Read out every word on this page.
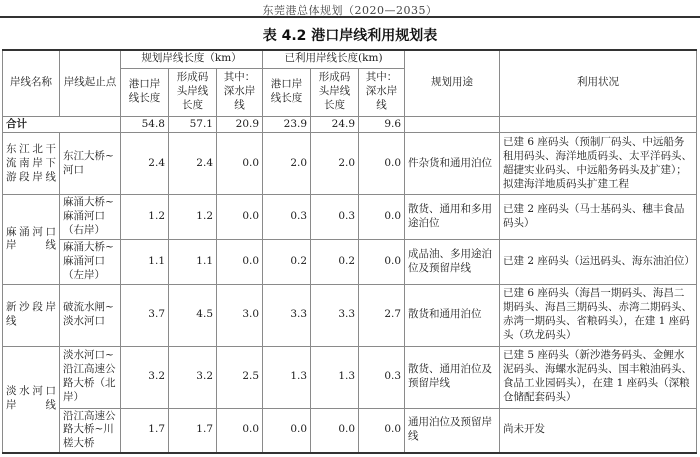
东莞港总体规划（2020—2035）
表 4.2 港口岸线利用规划表
岸线名称	岸线起止点	规划岸线长度（km）			已利用岸线长度(km)			规划用途	利用状况
		港口岸线长度	形成码头岸线长度	其中：深水岸线	港口岸线长度	形成码头岸线长度	其中：深水岸线		
合计		54.8	57.1	20.9	23.9	24.9	9.6		
东江北干流南岸下游段岸线	东江大桥~河口	2.4	2.4	0.0	2.0	2.0	0.0	件杂货和通用泊位	已建 6 座码头（预制厂码头、中远船务租用码头、海洋地质码头、太平洋码头、超捷实业码头、中远船务码头及扩建）；拟建海洋地质码头扩建工程
麻涌河口岸线	麻涌大桥~麻涌河口（右岸）	1.2	1.2	0.0	0.3	0.3	0.0	散货、通用和多用途泊位	已建 2 座码头（马士基码头、穗丰食品码头）
	麻涌大桥~麻涌河口（左岸）	1.1	1.1	0.0	0.2	0.2	0.0	成品油、多用途泊位及预留岸线	已建 2 座码头（运迅码头、海东油泊位）
新沙段岸线	破流水闸~淡水河口	3.7	4.5	3.0	3.3	3.3	2.7	散货和通用泊位	已建 6 座码头（海昌一期码头、海昌二期码头、海昌三期码头、赤湾二期码头、赤湾一期码头、省粮码头），在建 1 座码头（玖龙码头）
淡水河口岸线	淡水河口~沿江高速公路大桥（北岸）	3.2	3.2	2.5	1.3	1.3	0.3	散货、通用泊位及预留岸线	已建 5 座码头（新沙港务码头、金鲤水泥码头、海螺水泥码头、国丰粮油码头、食品工业园码头），在建 1 座码头（深粮仓储配套码头）
	沿江高速公路大桥~川槎大桥	1.7	1.7	0.0	0.0	0.0	0.0	通用泊位及预留岸线	尚未开发
